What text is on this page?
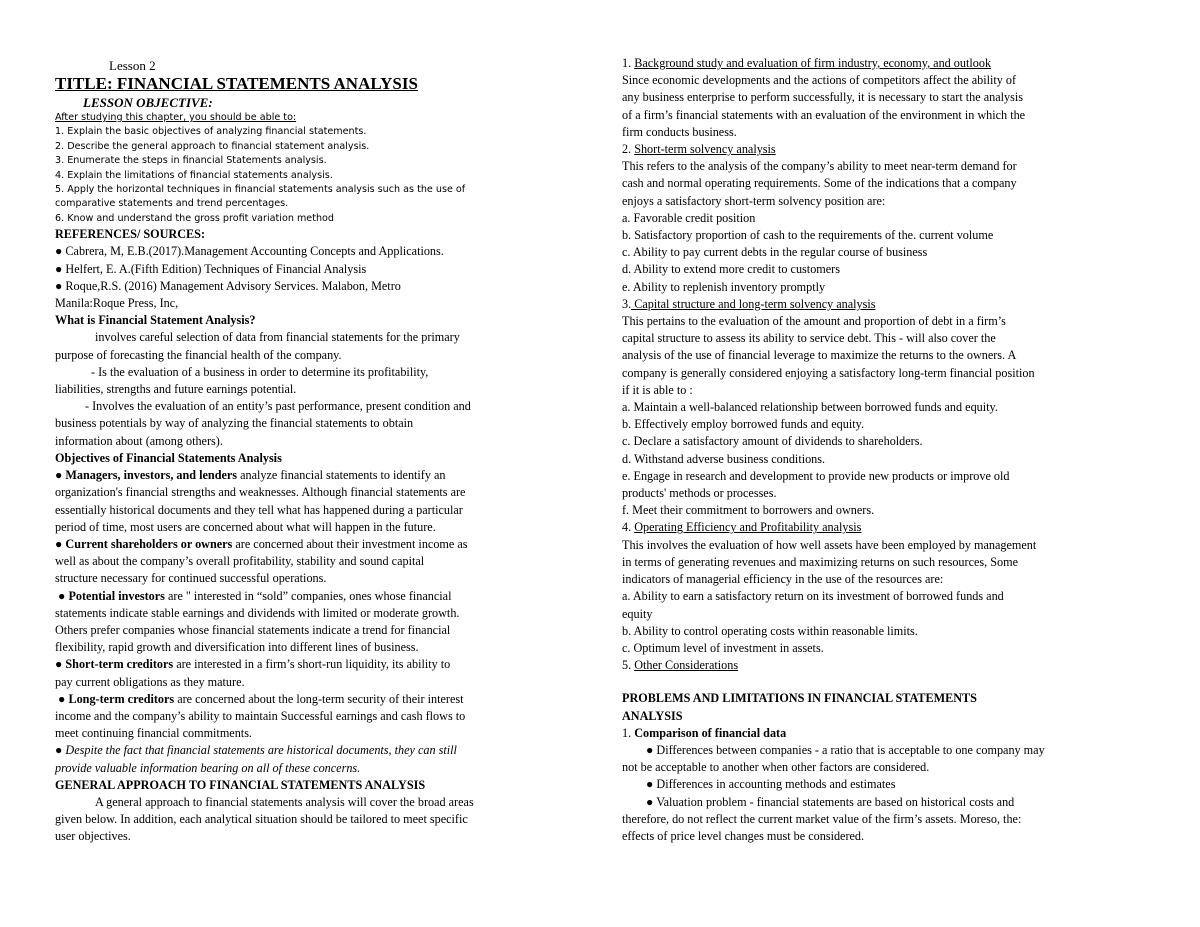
Lesson 2

TITLE: FINANCIAL STATEMENTS ANALYSIS

LESSON OBJECTIVE:

After studying this chapter, you should be able to:

1. Explain the basic objectives of analyzing financial statements.

2. Describe the general approach to financial statement analysis.

3. Enumerate the steps in financial Statements analysis.

4. Explain the limitations of financial statements analysis.

5. Apply the horizontal techniques in financial statements analysis such as the use of

comparative statements and trend percentages.

6. Know and understand the gross profit variation method

REFERENCES/ SOURCES:

● Cabrera, M, E.B.(2017).Management Accounting Concepts and Applications.

● Helfert, E. A.(Fifth Edition) Techniques of Financial Analysis

● Roque,R.S. (2016) Management Advisory Services. Malabon, Metro

Manila:Roque Press, Inc,

What is Financial Statement Analysis?

involves careful selection of data from financial statements for the primary

purpose of forecasting the financial health of the company.

- Is the evaluation of a business in order to determine its profitability,

liabilities, strengths and future earnings potential.

- Involves the evaluation of an entity’s past performance, present condition and

business potentials by way of analyzing the financial statements to obtain

information about (among others).

Objectives of Financial Statements Analysis

● Managers, investors, and lenders analyze financial statements to identify an

organization's financial strengths and weaknesses. Although financial statements are

essentially historical documents and they tell what has happened during a particular

period of time, most users are concerned about what will happen in the future.

● Current shareholders or owners are concerned about their investment income as

well as about the company’s overall profitability, stability and sound capital

structure necessary for continued successful operations.

● Potential investors are " interested in “sold” companies, ones whose financial

statements indicate stable earnings and dividends with limited or moderate growth.

Others prefer companies whose financial statements indicate a trend for financial

flexibility, rapid growth and diversification into different lines of business.

● Short-term creditors are interested in a firm’s short-run liquidity, its ability to

pay current obligations as they mature.

● Long-term creditors are concerned about the long-term security of their interest

income and the company’s ability to maintain Successful earnings and cash flows to

meet continuing financial commitments.

● Despite the fact that financial statements are historical documents, they can still

provide valuable information bearing on all of these concerns.

GENERAL APPROACH TO FINANCIAL STATEMENTS ANALYSIS

A general approach to financial statements analysis will cover the broad areas

given below. In addition, each analytical situation should be tailored to meet specific

user objectives.

1. Background study and evaluation of firm industry, economy, and outlook

Since economic developments and the actions of competitors affect the ability of

any business enterprise to perform successfully, it is necessary to start the analysis

of a firm’s financial statements with an evaluation of the environment in which the

firm conducts business.

2. Short-term solvency analysis

This refers to the analysis of the company’s ability to meet near-term demand for

cash and normal operating requirements. Some of the indications that a company

enjoys a satisfactory short-term solvency position are:

a. Favorable credit position

b. Satisfactory proportion of cash to the requirements of the. current volume

c. Ability to pay current debts in the regular course of business

d. Ability to extend more credit to customers

e. Ability to replenish inventory promptly

3. Capital structure and long-term solvency analysis

This pertains to the evaluation of the amount and proportion of debt in a firm’s

capital structure to assess its ability to service debt. This - will also cover the

analysis of the use of financial leverage to maximize the returns to the owners. A

company is generally considered enjoying a satisfactory long-term financial position

if it is able to :

a. Maintain a well-balanced relationship between borrowed funds and equity.

b. Effectively employ borrowed funds and equity.

c. Declare a satisfactory amount of dividends to shareholders.

d. Withstand adverse business conditions.

e. Engage in research and development to provide new products or improve old

products' methods or processes.

f. Meet their commitment to borrowers and owners.

4. Operating Efficiency and Profitability analysis

This involves the evaluation of how well assets have been employed by management

in terms of generating revenues and maximizing returns on such resources, Some

indicators of managerial efficiency in the use of the resources are:

a. Ability to earn a satisfactory return on its investment of borrowed funds and

equity

b. Ability to control operating costs within reasonable limits.

c. Optimum level of investment in assets.

5. Other Considerations

PROBLEMS AND LIMITATIONS IN FINANCIAL STATEMENTS

ANALYSIS

1. Comparison of financial data

● Differences between companies - a ratio that is acceptable to one company may

not be acceptable to another when other factors are considered.

● Differences in accounting methods and estimates

● Valuation problem - financial statements are based on historical costs and

therefore, do not reflect the current market value of the firm’s assets. Moreso, the:

effects of price level changes must be considered.
